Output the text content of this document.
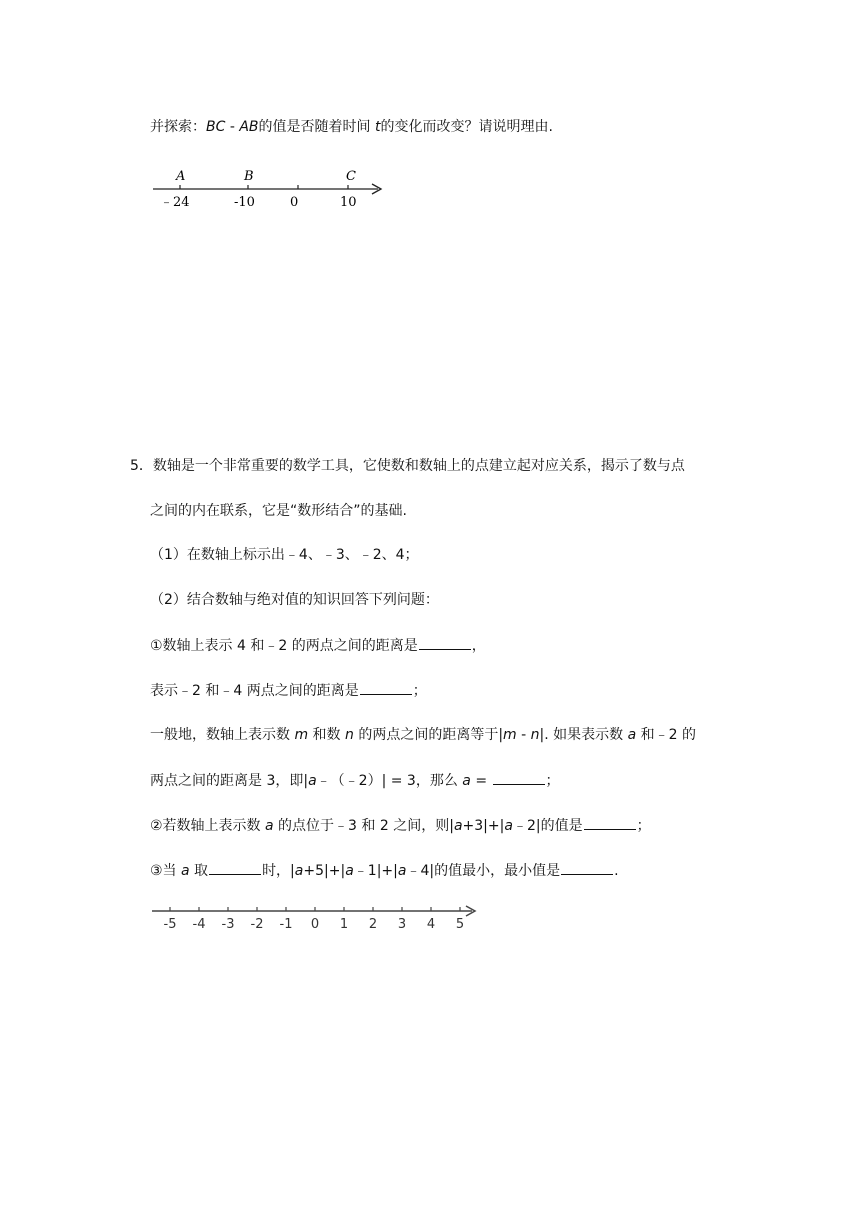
并探索：BC - AB的值是否随着时间 t的变化而改变？请说明理由.
A	B	C
﹣24	-10	0	10
5．数轴是一个非常重要的数学工具，它使数和数轴上的点建立起对应关系，揭示了数与点
之间的内在联系，它是“数形结合”的基础.
（1）在数轴上标示出﹣4、﹣3、﹣2、4；
（2）结合数轴与绝对值的知识回答下列问题：
①数轴上表示 4 和﹣2 的两点之间的距离是	，
表示﹣2 和﹣4 两点之间的距离是	；
一般地，数轴上表示数 m 和数 n 的两点之间的距离等于|m - n|. 如果表示数 a 和﹣2 的
两点之间的距离是 3，即|a﹣（﹣2）| = 3，那么 a =	；
②若数轴上表示数 a 的点位于﹣3 和 2 之间，则|a+3|+|a﹣2|的值是	；
③当 a 取	时，|a+5|+|a﹣1|+|a﹣4|的值最小，最小值是	.
-5 -4 -3 -2 -1 0 1 2 3 4 5
